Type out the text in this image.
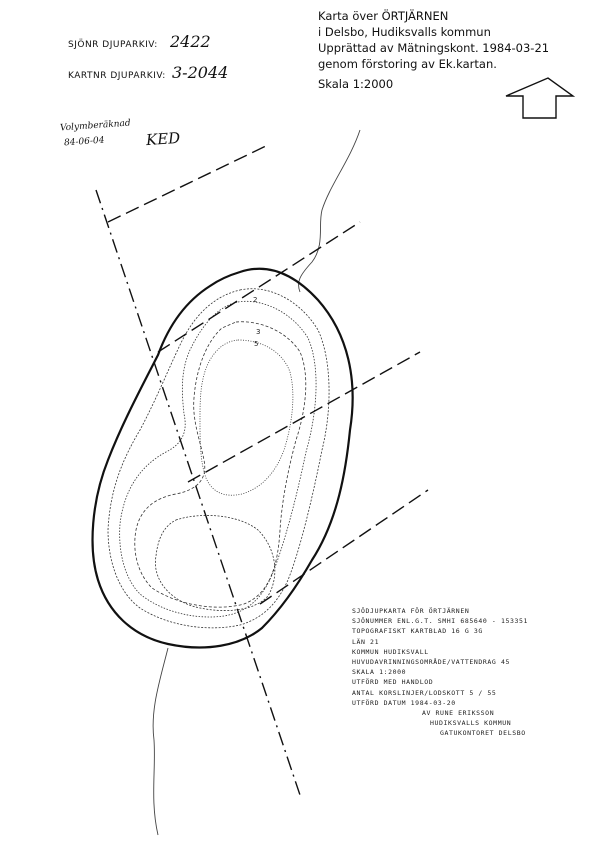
SJÖNR DJUPARKIV: 2422
KARTNR DJUPARKIV: 3-2044
Volymberäknad
84-06-04	KED
Karta över ÖRTJÄRNEN
i Delsbo, Hudiksvalls kommun
Upprättad av Mätningskont. 1984-03-21
genom förstoring av Ek.kartan.
Skala 1:2000
2
3
5
SJÖDJUPKARTA FÖR ÖRTJÄRNEN
SJÖNUMMER ENL.G.T. SMHI 685640 - 153351
TOPOGRAFISKT KARTBLAD 16 G 3G
LÄN 21
KOMMUN HUDIKSVALL
HUVUDAVRINNINGSOMRÅDE/VATTENDRAG 45
SKALA 1:2000
UTFÖRD MED HANDLOD
ANTAL KORSLINJER/LODSKOTT 5 / 55
UTFÖRD DATUM 1984-03-20
AV RUNE ERIKSSON
HUDIKSVALLS KOMMUN
GATUKONTORET DELSBO
